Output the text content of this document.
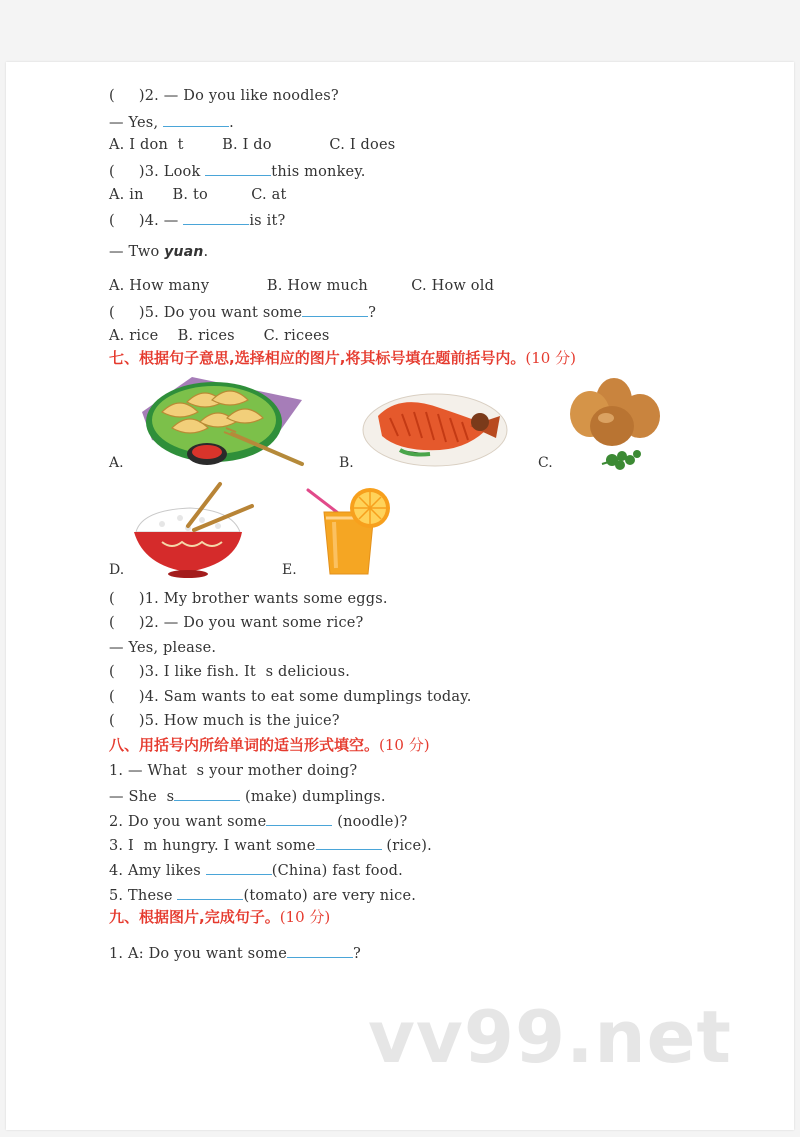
(     )2. — Do you like noodles?
— Yes,	.
A. I don  t        B. I do            C. I does
(     )3. Look	this monkey.
A. in      B. to         C. at
(     )4. —	is it?
— Two yuan.
A. How many            B. How much         C. How old
(     )5. Do you want some	?
A. rice    B. rices      C. ricees
七、根据句子意思,选择相应的图片,将其标号填在题前括号内。(10 分)
A.	B.	C.
D.	E.
(     )1. My brother wants some eggs.
(     )2. — Do you want some rice?
— Yes, please.
(     )3. I like fish. It  s delicious.
(     )4. Sam wants to eat some dumplings today.
(     )5. How much is the juice?
八、用括号内所给单词的适当形式填空。(10 分)
1. — What  s your mother doing?
— She  s	(make) dumplings.
2. Do you want some	(noodle)?
3. I  m hungry. I want some	(rice).
4. Amy likes	(China) fast food.
5. These	(tomato) are very nice.
九、根据图片,完成句子。(10 分)
1. A: Do you want some	?
vv99.net
